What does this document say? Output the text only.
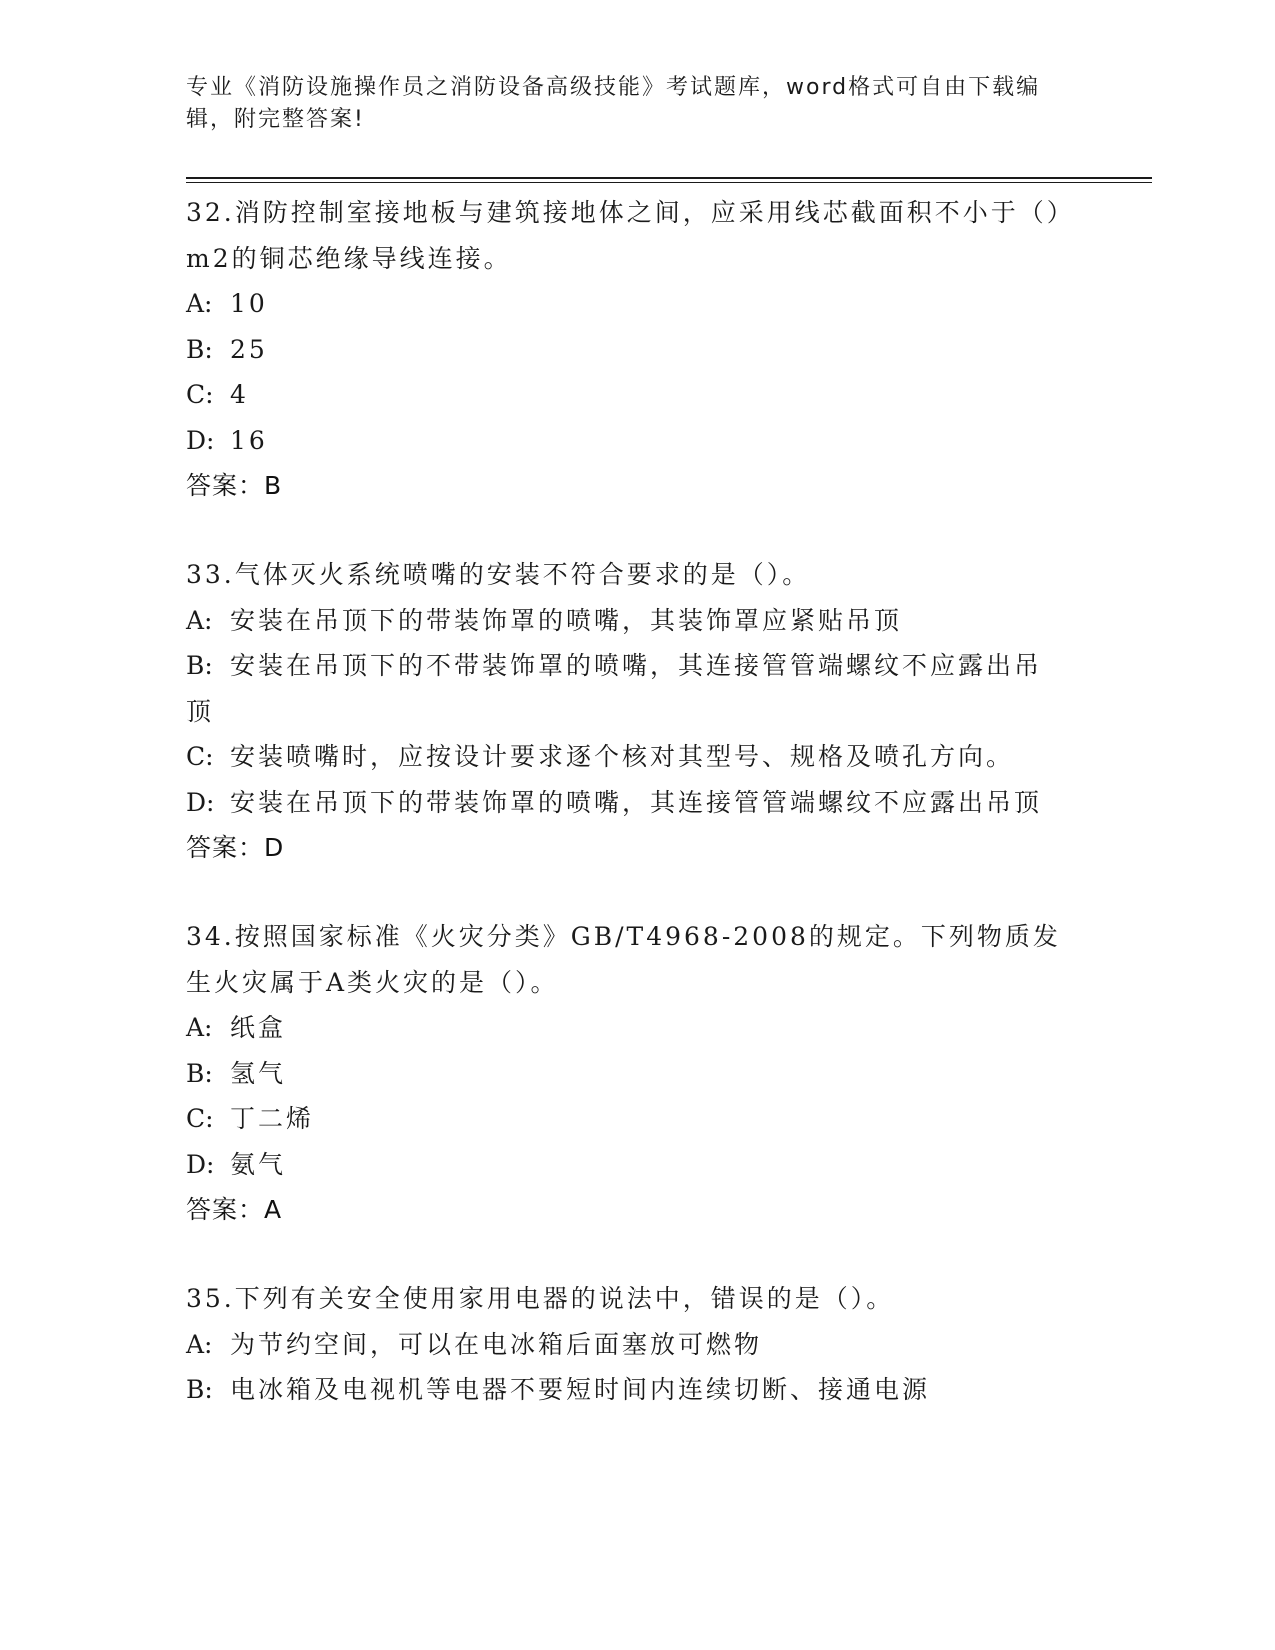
专业《消防设施操作员之消防设备高级技能》考试题库，word格式可自由下载编辑，附完整答案!

32.消防控制室接地板与建筑接地体之间，应采用线芯截面积不小于（）m2的铜芯绝缘导线连接。

A: 10

B: 25

C: 4

D: 16

答案：B

33.气体灭火系统喷嘴的安装不符合要求的是（）。

A: 安装在吊顶下的带装饰罩的喷嘴，其装饰罩应紧贴吊顶

B: 安装在吊顶下的不带装饰罩的喷嘴，其连接管管端螺纹不应露出吊顶

C: 安装喷嘴时，应按设计要求逐个核对其型号、规格及喷孔方向。

D: 安装在吊顶下的带装饰罩的喷嘴，其连接管管端螺纹不应露出吊顶

答案：D

34.按照国家标准《火灾分类》GB/T4968-2008的规定。下列物质发生火灾属于A类火灾的是（）。

A: 纸盒

B: 氢气

C: 丁二烯

D: 氨气

答案：A

35.下列有关安全使用家用电器的说法中，错误的是（）。

A: 为节约空间，可以在电冰箱后面塞放可燃物

B: 电冰箱及电视机等电器不要短时间内连续切断、接通电源
